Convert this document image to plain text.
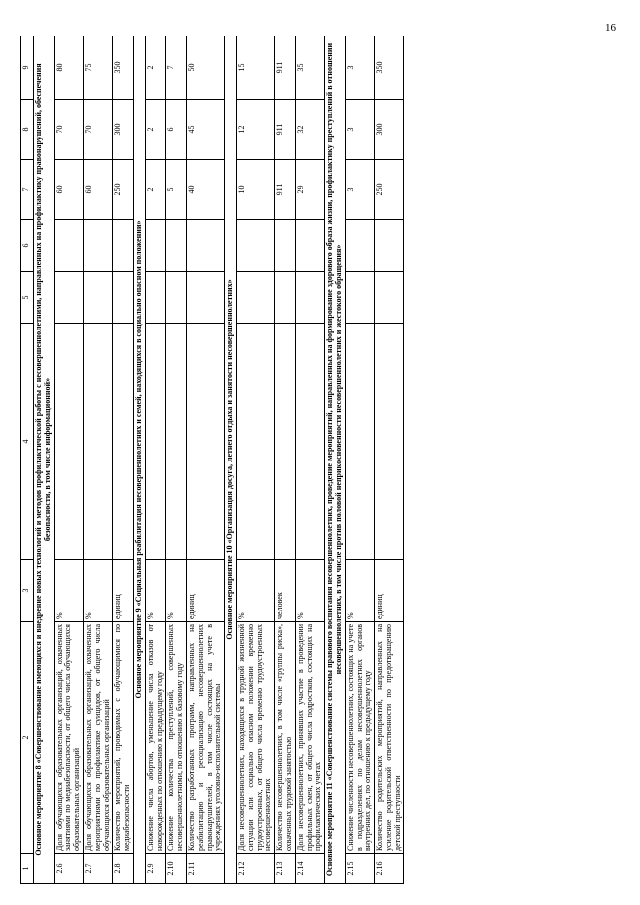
16
1	2	3	4	5	6	7	8	9
Основное мероприятие 8 «Совершенствование имеющихся и внедрение новых технологий и методов профилактической работы с несовершеннолетними, направленных на профилактику правонарушений, обеспечения безопасности, в том числе информационной»								
2.6	Доля обучающихся образовательных организаций, охваченных занятиями по медиабезопасности, от общего числа обучающихся образовательных организаций	%				60	70	80
2.7	Доля обучающихся образовательных организаций, охваченных мероприятиями по профилактике суицидов, от общего числа обучающихся образовательных организаций	%				60	70	75
2.8	Количество мероприятий, проводимых с обучающимися по медиабезопасности	единиц				250	300	350
Основное мероприятие 9 «Социальная реабилитация несовершеннолетних и семей, находящихся в социально опасном положении»								
2.9	Снижение числа абортов, уменьшение числа отказов от новорожденных по отношению к предыдущему году	%				2	2	2
2.10	Снижение количества преступлений, совершенных несовершеннолетними, по отношению к базовому году	%				5	6	7
2.11	Количество разработанных программ, направленных на реабилитацию и ресоциализацию несовершеннолетних правонарушителей, в том числе состоящих на учете в учреждениях уголовно-исполнительной системы	единиц				40	45	50
Основное мероприятие 10 «Организация досуга, летнего отдыха и занятости несовершеннолетних»								
2.12	Доля несовершеннолетних, находящихся в трудной жизненной ситуации или социально опасном положении временно трудоустроенных, от общего числа временно трудоустроенных несовершеннолетних	%				10	12	15
2.13	Количество несовершеннолетних, в том числе «группы риска», охваченных трудовой занятостью	человек				911	911	911
2.14	Доля несовершеннолетних, принявших участие в проведении профильных смен, от общего числа подростков, состоящих на профилактических учетах	%				29	32	35
Основное мероприятие 11 «Совершенствование системы правового воспитания несовершеннолетних, проведение мероприятий, направленных на формирование здорового образа жизни, профилактику преступлений в отношении несовершеннолетних, в том числе против половой неприкосновенности несовершеннолетних и жестокого обращения»								
2.15	Снижение численности несовершеннолетних, состоящих на учете в подразделениях по делам несовершеннолетних органов внутренних дел, по отношению к предыдущему году	%				3	3	3
2.16	Количество родительских мероприятий, направленных на усиление родительской ответственности по предотвращению детской преступности	единиц				250	300	350
